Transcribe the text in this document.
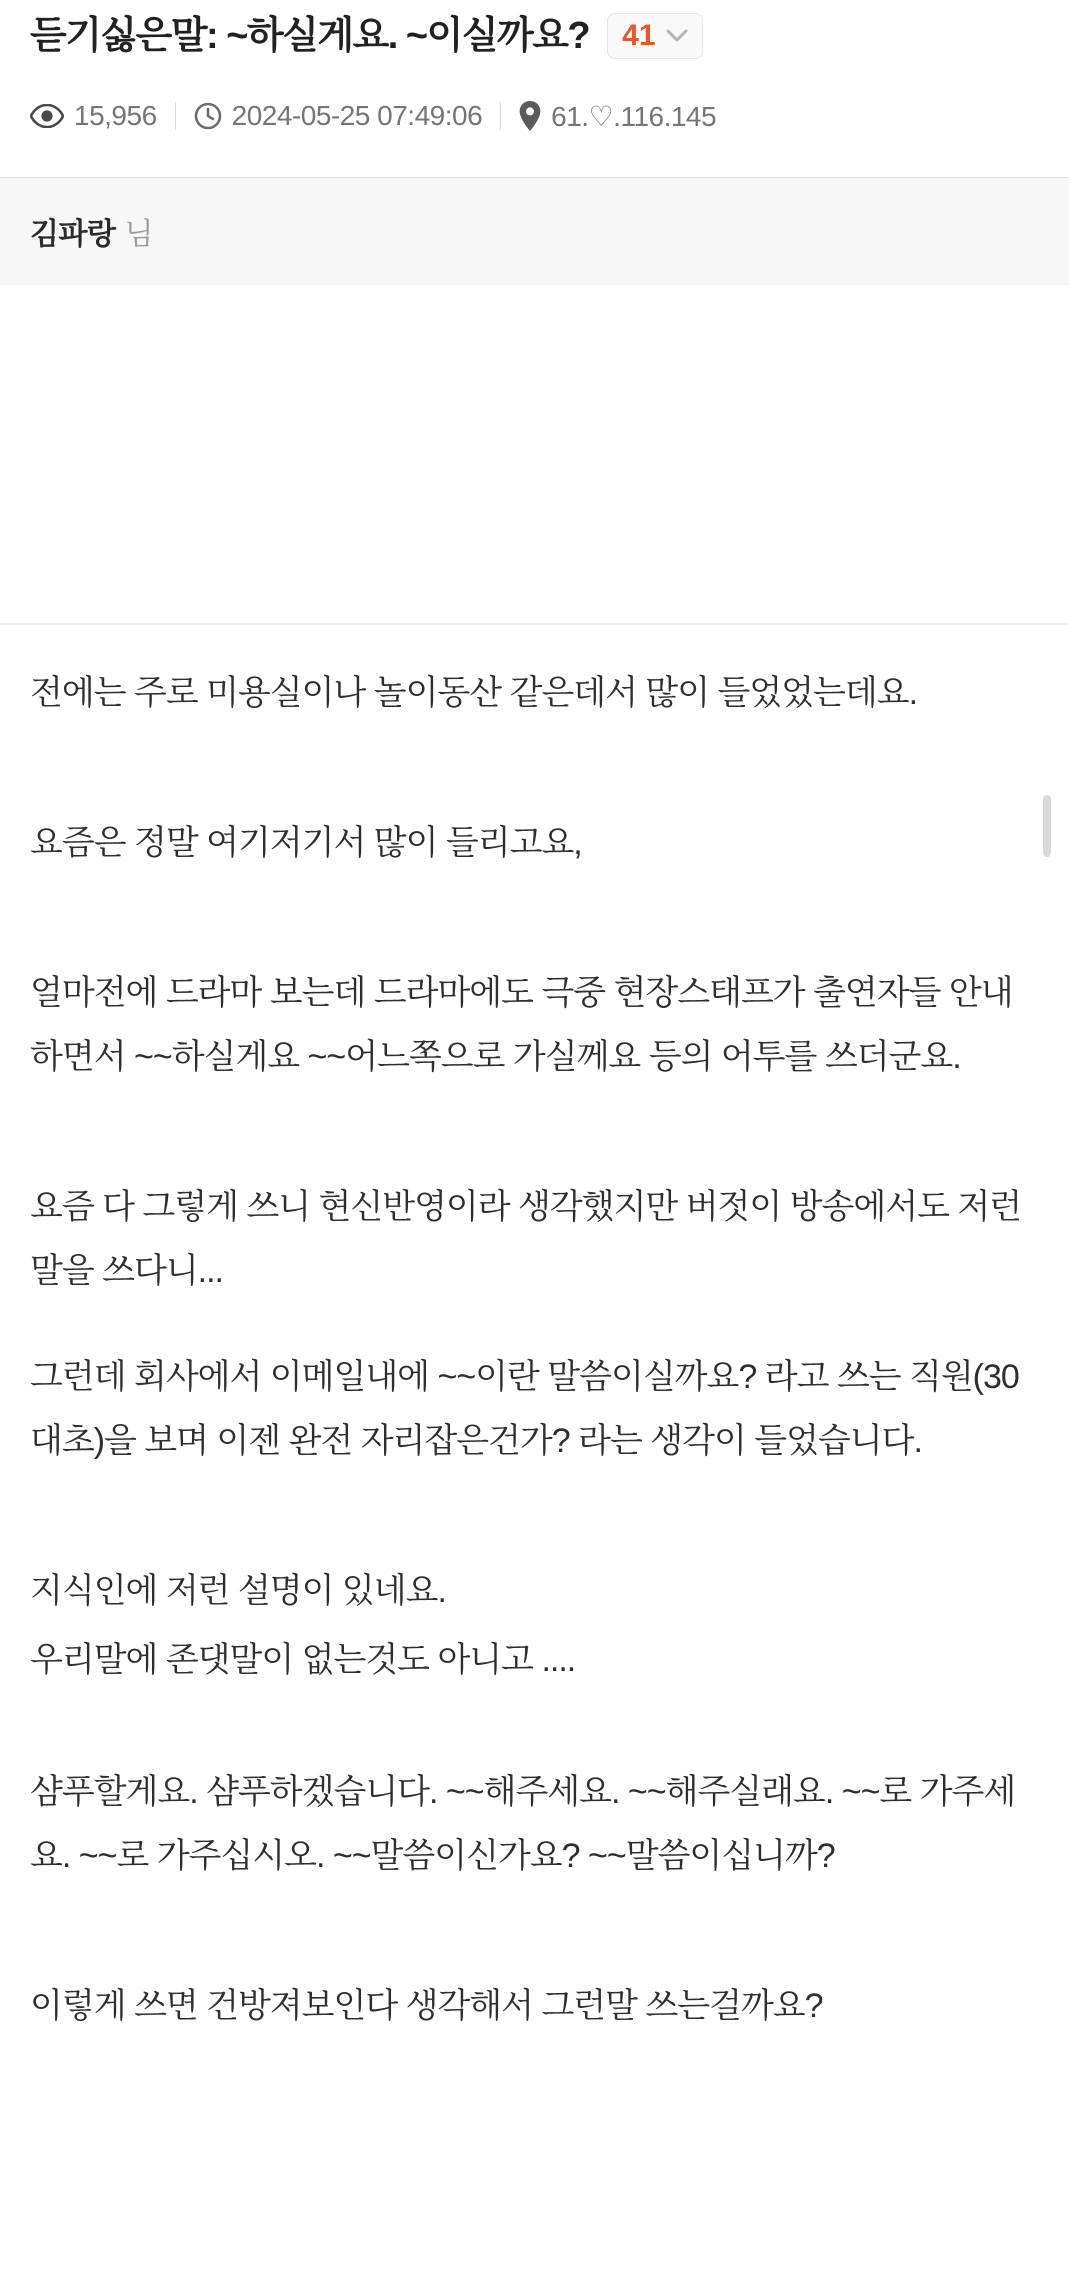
듣기싫은말: ~하실게요. ~이실까요? 41
15,956	2024-05-25 07:49:06 61.♡.116.145
김파랑 님

전에는 주로 미용실이나 놀이동산 같은데서 많이 들었었는데요.

요즘은 정말 여기저기서 많이 들리고요,

얼마전에 드라마 보는데 드라마에도 극중 현장스태프가 출연자들 안내하면서 ~~하실게요 ~~어느쪽으로 가실께요 등의 어투를 쓰더군요.

요즘 다 그렇게 쓰니 현신반영이라 생각했지만 버젓이 방송에서도 저런말을 쓰다니...

그런데 회사에서 이메일내에 ~~이란 말씀이실까요? 라고 쓰는 직원(30대초)을 보며 이젠 완전 자리잡은건가? 라는 생각이 들었습니다.

지식인에 저런 설명이 있네요.

우리말에 존댓말이 없는것도 아니고 ....

샴푸할게요. 샴푸하겠습니다. ~~해주세요. ~~해주실래요. ~~로 가주세요. ~~로 가주십시오. ~~말씀이신가요? ~~말씀이십니까?

이렇게 쓰면 건방져보인다 생각해서 그런말 쓰는걸까요?
